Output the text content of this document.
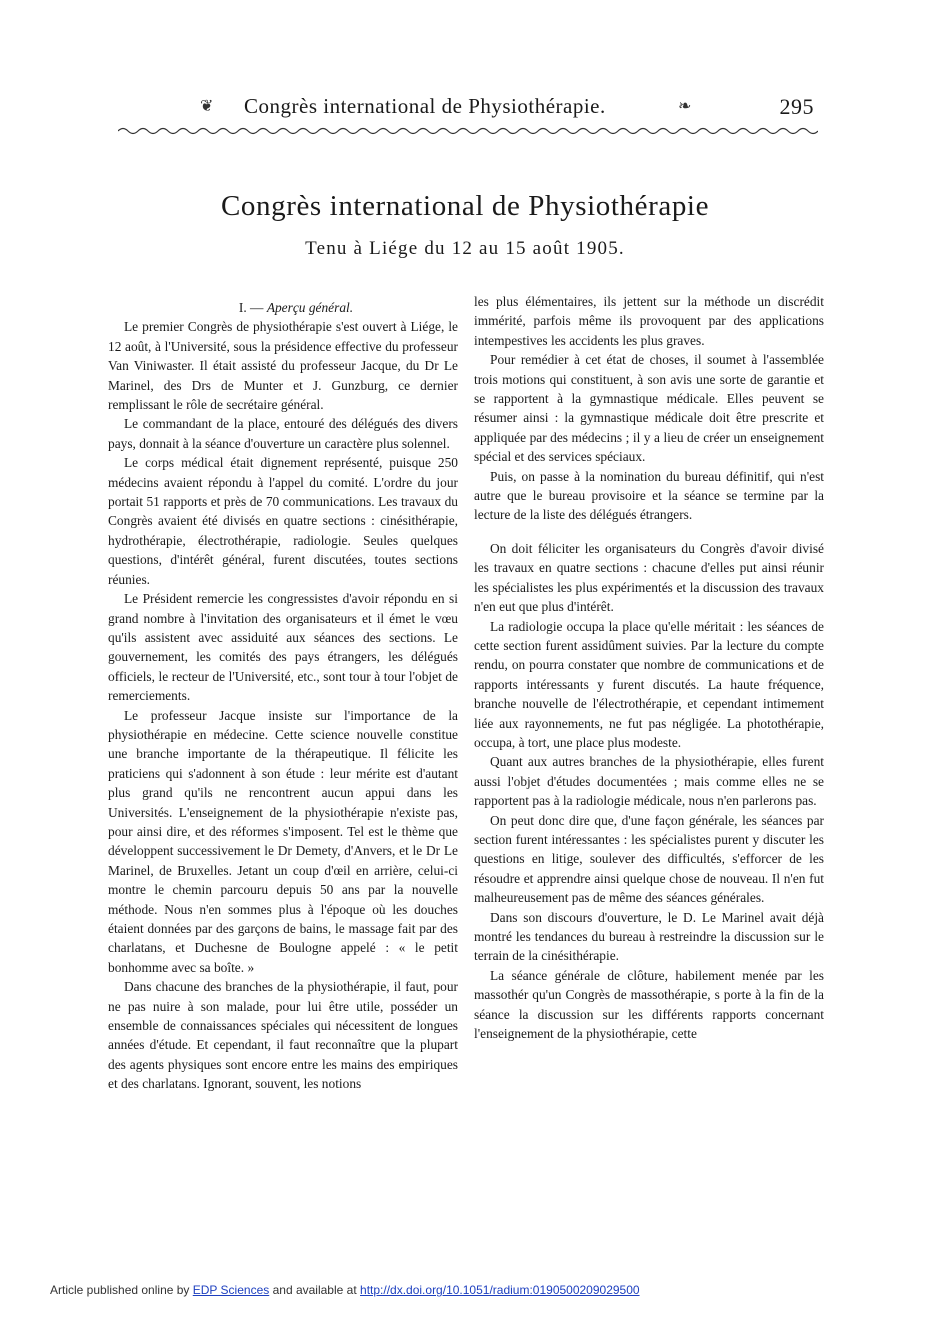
❦ Congrès international de Physiothérapie.	❧	295
Congrès international de Physiothérapie
Tenu à Liége du 12 au 15 août 1905.

I. — Aperçu général.

Le premier Congrès de physiothérapie s'est ouvert à Liége, le 12 août, à l'Université, sous la présidence effective du professeur Van Viniwaster. Il était assisté du professeur Jacque, du Dr Le Marinel, des Drs de Munter et J. Gunzburg, ce dernier remplissant le rôle de secrétaire général.

Le commandant de la place, entouré des délégués des divers pays, donnait à la séance d'ouverture un caractère plus solennel.

Le corps médical était dignement représenté, puisque 250 médecins avaient répondu à l'appel du comité. L'ordre du jour portait 51 rapports et près de 70 communications. Les travaux du Congrès avaient été divisés en quatre sections : cinésithérapie, hydrothérapie, électrothérapie, radiologie. Seules quelques questions, d'intérêt général, furent discutées, toutes sections réunies.

Le Président remercie les congressistes d'avoir répondu en si grand nombre à l'invitation des organisateurs et il émet le vœu qu'ils assistent avec assiduité aux séances des sections. Le gouvernement, les comités des pays étrangers, les délégués officiels, le recteur de l'Université, etc., sont tour à tour l'objet de remerciements.

Le professeur Jacque insiste sur l'importance de la physiothérapie en médecine. Cette science nouvelle constitue une branche importante de la thérapeutique. Il félicite les praticiens qui s'adonnent à son étude : leur mérite est d'autant plus grand qu'ils ne rencontrent aucun appui dans les Universités. L'enseignement de la physiothérapie n'existe pas, pour ainsi dire, et des réformes s'imposent. Tel est le thème que développent successivement le Dr Demety, d'Anvers, et le Dr Le Marinel, de Bruxelles. Jetant un coup d'œil en arrière, celui-ci montre le chemin parcouru depuis 50 ans par la nouvelle méthode. Nous n'en sommes plus à l'époque où les douches étaient données par des garçons de bains, le massage fait par des charlatans, et Duchesne de Boulogne appelé : « le petit bonhomme avec sa boîte. »

Dans chacune des branches de la physiothérapie, il faut, pour ne pas nuire à son malade, pour lui être utile, posséder un ensemble de connaissances spéciales qui nécessitent de longues années d'étude. Et cependant, il faut reconnaître que la plupart des agents physiques sont encore entre les mains des empiriques et des charlatans. Ignorant, souvent, les notions

les plus élémentaires, ils jettent sur la méthode un discrédit immérité, parfois même ils provoquent par des applications intempestives les accidents les plus graves.

Pour remédier à cet état de choses, il soumet à l'assemblée trois motions qui constituent, à son avis une sorte de garantie et se rapportent à la gymnastique médicale. Elles peuvent se résumer ainsi : la gymnastique médicale doit être prescrite et appliquée par des médecins ; il y a lieu de créer un enseignement spécial et des services spéciaux.

Puis, on passe à la nomination du bureau définitif, qui n'est autre que le bureau provisoire et la séance se termine par la lecture de la liste des délégués étrangers.

On doit féliciter les organisateurs du Congrès d'avoir divisé les travaux en quatre sections : chacune d'elles put ainsi réunir les spécialistes les plus expérimentés et la discussion des travaux n'en eut que plus d'intérêt.

La radiologie occupa la place qu'elle méritait : les séances de cette section furent assidûment suivies. Par la lecture du compte rendu, on pourra constater que nombre de communications et de rapports intéressants y furent discutés. La haute fréquence, branche nouvelle de l'électrothérapie, et cependant intimement liée aux rayonnements, ne fut pas négligée. La photothérapie, occupa, à tort, une place plus modeste.

Quant aux autres branches de la physiothérapie, elles furent aussi l'objet d'études documentées ; mais comme elles ne se rapportent pas à la radiologie médicale, nous n'en parlerons pas.

On peut donc dire que, d'une façon générale, les séances par section furent intéressantes : les spécialistes purent y discuter les questions en litige, soulever des difficultés, s'efforcer de les résoudre et apprendre ainsi quelque chose de nouveau. Il n'en fut malheureusement pas de même des séances générales.

Dans son discours d'ouverture, le D. Le Marinel avait déjà montré les tendances du bureau à restreindre la discussion sur le terrain de la cinésithérapie.

La séance générale de clôture, habilement menée par les massothér qu'un Congrès de massothérapie, s porte à la fin de la séance la discussion sur les différents rapports concernant l'enseignement de la physiothérapie, cette

Article published online by EDP Sciences and available at http://dx.doi.org/10.1051/radium:0190500209029500
